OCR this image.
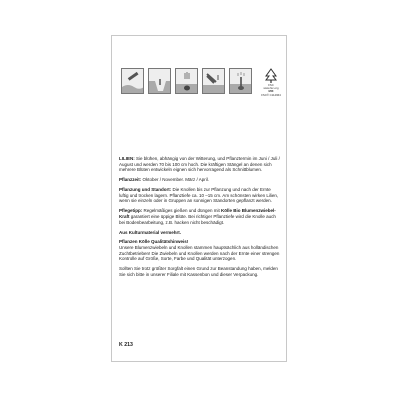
FSC
www.fsc.org
MIX
FSC® C114964

LILIEN: Sie blühen, abhängig von der Witterung, und Pflanztermin im Juni / Juli / August und werden 70 bis 100 cm hoch. Die kräftigen Stängel an denen sich mehrere Blüten entwickeln eignen sich hervorragend als Schnittblumen.

Pflanzzeit: Oktober / November. März / April.

Pflanzung und Standort: Die Knollen bis zur Pflanzung und nach der Ernte luftig und trocken lagern. Pflanztiefe ca. 10 –15 cm. Am schönsten wirken Lilien, wenn sie einzeln oder in Gruppen an sonnigen Standorten gepflanzt werden.

Pflegetipp: Regelmäßiges gießen und düngen mit Kölle Bio Blumenzwiebel-Kraft garantiert eine üppige Blüte. Bei richtiger Pflanztiefe wird die Knolle auch bei Bodenbearbeitung, z.B. hacken nicht beschädigt.

Aus Kulturmaterial vermehrt.

Pflanzen Kölle Qualitätshinweis!
Unsere Blumenzwiebeln und Knollen stammen hauptsächlich aus holländischen Zuchtbetrieben! Die Zwiebeln und Knollen werden nach der Ernte einer strengen Kontrolle auf Größe, Sorte, Farbe und Qualität unterzogen.

Sollten Sie trotz größter Sorgfalt einen Grund zur Beanstandung haben, melden Sie sich bitte in unserer Filiale mit Kassenbon und dieser Verpackung.

K 213
